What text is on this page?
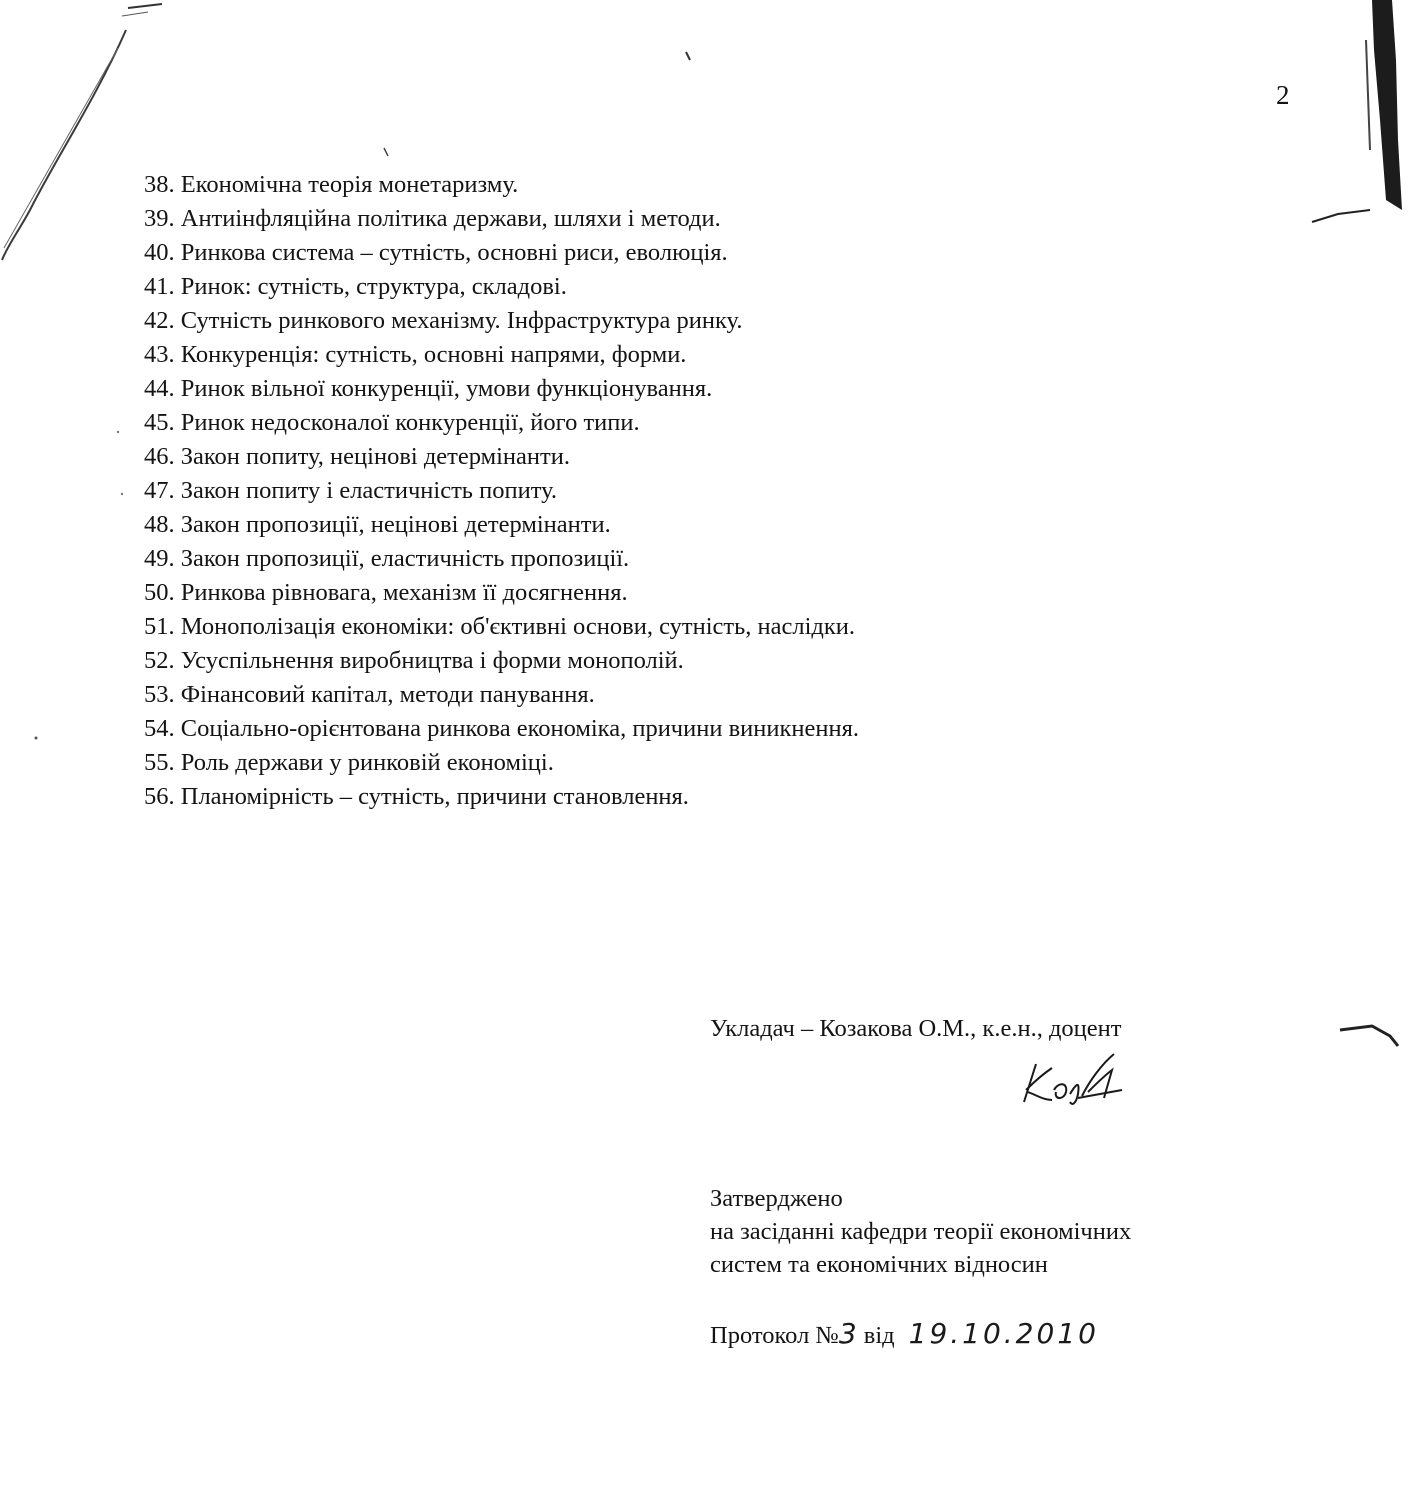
2
38. Економічна теорія монетаризму.
39. Антиінфляційна політика держави, шляхи і методи.
40. Ринкова система – сутність, основні риси, еволюція.
41. Ринок: сутність, структура, складові.
42. Сутність ринкового механізму. Інфраструктура ринку.
43. Конкуренція: сутність, основні напрями, форми.
44. Ринок вільної конкуренції, умови функціонування.
45. Ринок недосконалої конкуренції, його типи.
46. Закон попиту, нецінові детермінанти.
47. Закон попиту і еластичність попиту.
48. Закон пропозиції, нецінові детермінанти.
49. Закон пропозиції, еластичність пропозиції.
50. Ринкова рівновага, механізм її досягнення.
51. Монополізація економіки: об'єктивні основи, сутність, наслідки.
52. Усуспільнення виробництва і форми монополій.
53. Фінансовий капітал, методи панування.
54. Соціально-орієнтована ринкова економіка, причини виникнення.
55. Роль держави у ринковій економіці.
56. Планомірність – сутність, причини становлення.
Укладач – Козакова О.М., к.е.н., доцент
Затверджено
на засіданні кафедри теорії економічних
систем та економічних відносин
Протокол №3 від 19.10.2010
